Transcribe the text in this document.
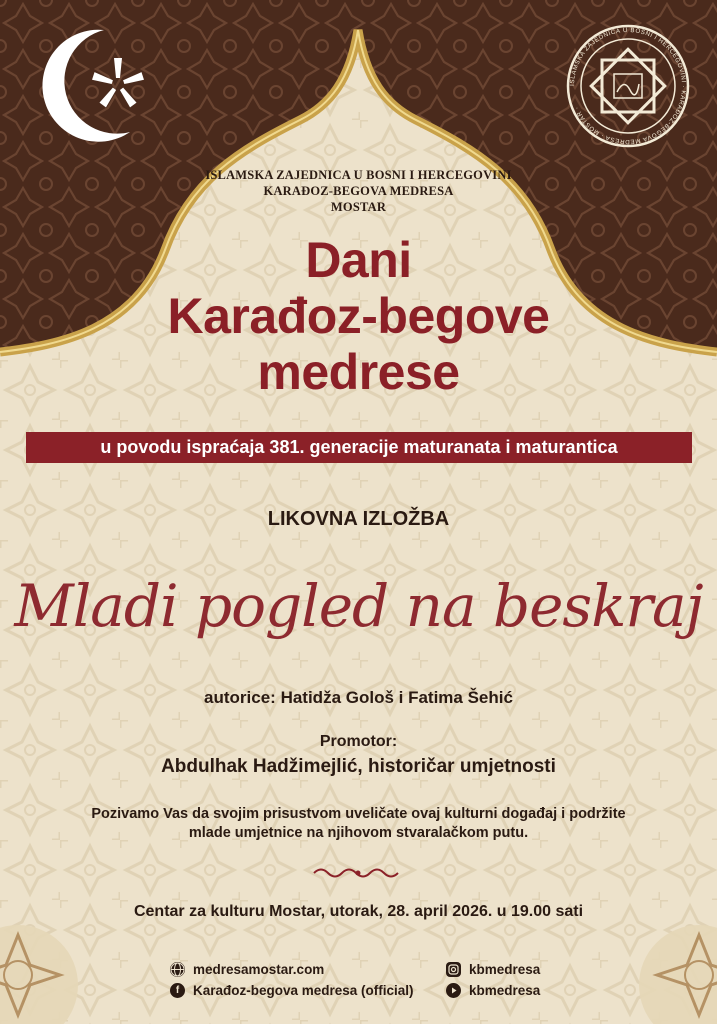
ISLAMSKA ZAJEDNICA U BOSNI I HERCEGOVINI · KARAĐOZ-BEGOVA MEDRESA · MOSTAR ·
ISLAMSKA ZAJEDNICA U BOSNI I HERCEGOVINI
KARAĐOZ-BEGOVA MEDRESA
MOSTAR
Dani
Karađoz-begove
medrese
u povodu ispraćaja 381. generacije maturanata i maturantica
LIKOVNA IZLOŽBA
Mladi pogled na beskraj
autorice: Hatidža Gološ i Fatima Šehić
Promotor:
Abdulhak Hadžimejlić, historičar umjetnosti
Pozivamo Vas da svojim prisustvom uveličate ovaj kulturni događaj i podržite
mlade umjetnice na njihovom stvaralačkom putu.
Centar za kulturu Mostar, utorak, 28. april 2026. u 19.00 sati
medresamostar.com
f	Karađoz-begova medresa (official)
kbmedresa
kbmedresa
